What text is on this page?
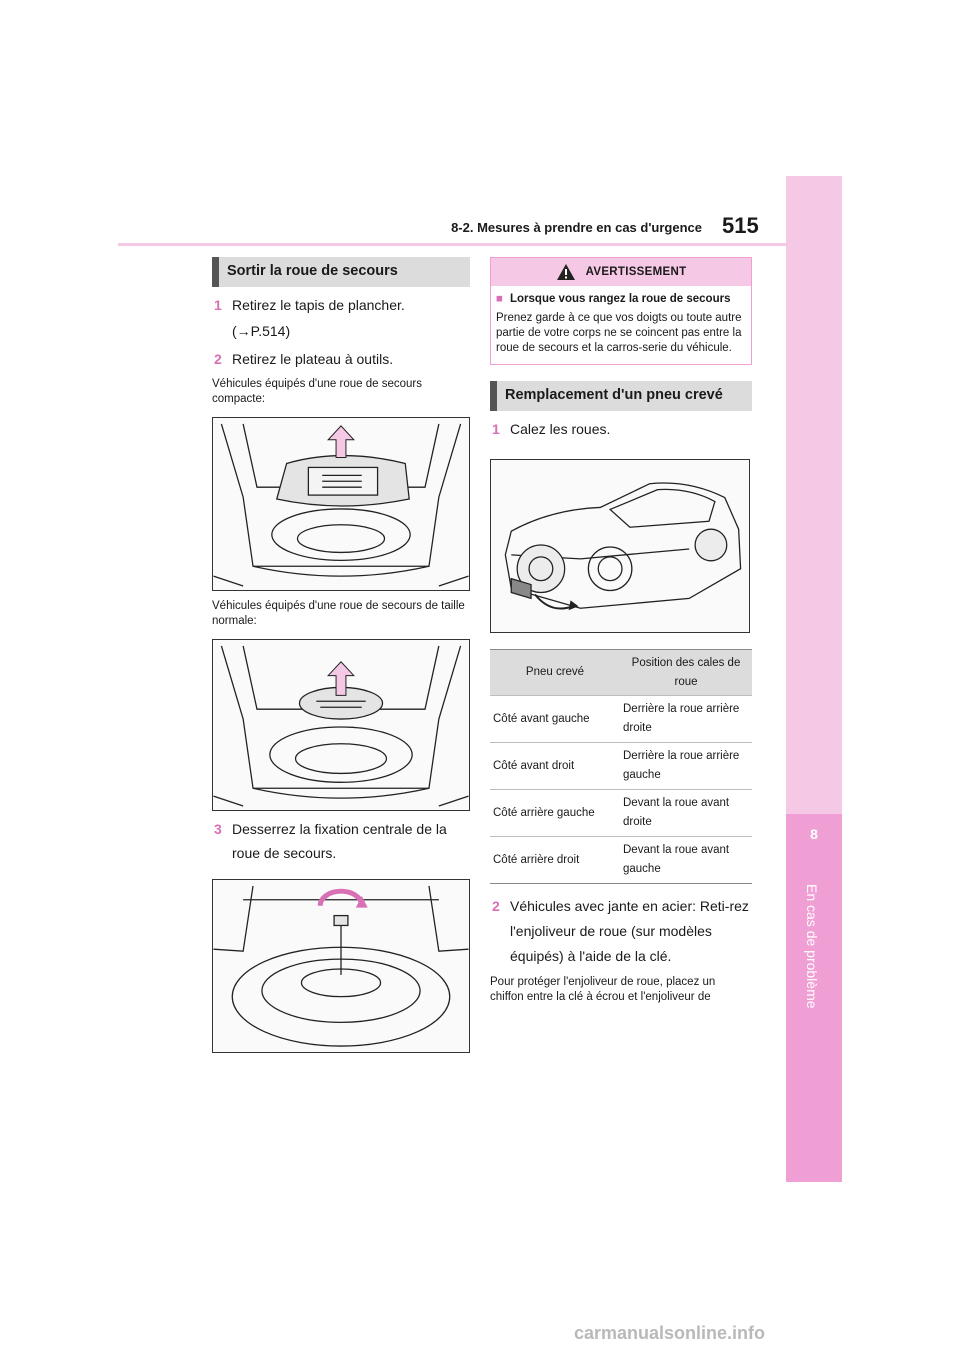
8
En cas de problème
8-2. Mesures à prendre en cas d'urgence 515
Sortir la roue de secours
1 Retirez le tapis de plancher.
(→P.514)
2 Retirez le plateau à outils.
Véhicules équipés d'une roue de secours compacte:
Véhicules équipés d'une roue de secours de taille normale:
3 Desserrez la fixation centrale de la roue de secours.
AVERTISSEMENT
■ Lorsque vous rangez la roue de secours
Prenez garde à ce que vos doigts ou toute autre partie de votre corps ne se coincent pas entre la roue de secours et la carros-serie du véhicule.
Remplacement d'un pneu crevé
1 Calez les roues.
Pneu crevé	Position des cales de roue
Côté avant gauche	Derrière la roue arrière droite
Côté avant droit	Derrière la roue arrière gauche
Côté arrière gauche	Devant la roue avant droite
Côté arrière droit	Devant la roue avant gauche
2 Véhicules avec jante en acier: Reti-rez l'enjoliveur de roue (sur modèles équipés) à l'aide de la clé.
Pour protéger l'enjoliveur de roue, placez un chiffon entre la clé à écrou et l'enjoliveur de
carmanualsonline.info
